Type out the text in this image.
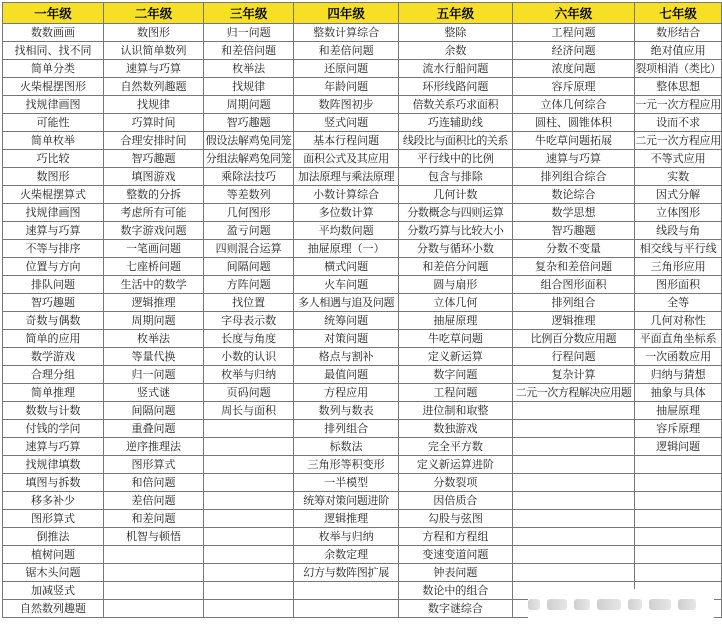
一年级	二年级	三年级	四年级	五年级	六年级	七年级
数数画画	数图形	归一问题	整数计算综合	整除	工程问题	数形结合
找相同、找不同	认识简单数列	和差倍问题	和差倍问题	余数	经济问题	绝对值应用
简单分类	速算与巧算	枚举法	还原问题	流水行船问题	浓度问题	裂项相消（类比）
火柴棍摆图形	自然数列趣题	找规律	年龄问题	环形线路问题	容斥原理	整体思想
找规律画图	找规律	周期问题	数阵图初步	倍数关系巧求面积	立体几何综合	一元一次方程应用
可能性	巧算时间	智巧趣题	竖式问题	巧连辅助线	圆柱、圆锥体积	设而不求
简单枚举	合理安排时间	假设法解鸡兔同笼	基本行程问题	线段比与面积比的关系	牛吃草问题拓展	二元一次方程应用
巧比较	智巧趣题	分组法解鸡兔同笼	面积公式及其应用	平行线中的比例	速算与巧算	不等式应用
数图形	填图游戏	乘除法技巧	加法原理与乘法原理	包含与排除	排列组合综合	实数
火柴棍摆算式	整数的分拆	等差数列	小数计算综合	几何计数	数论综合	因式分解
找规律画图	考虑所有可能	几何图形	多位数计算	分数概念与四则运算	数学思想	立体图形
速算与巧算	数字游戏问题	盈亏问题	平均数问题	分数巧算与比较大小	智巧趣题	线段与角
不等与排序	一笔画问题	四则混合运算	抽屉原理（一）	分数与循环小数	分数不变量	相交线与平行线
位置与方向	七座桥问题	间隔问题	横式问题	和差倍分问题	复杂和差倍问题	三角形应用
排队问题	生活中的数学	方阵问题	火车问题	圆与扇形	组合图形面积	图形面积
智巧趣题	逻辑推理	找位置	多人相遇与追及问题	立体几何	排列组合	全等
奇数与偶数	周期问题	字母表示数	统筹问题	抽屉原理	逻辑推理	几何对称性
简单的应用	枚举法	长度与角度	对策问题	牛吃草问题	比例百分数应用题	平面直角坐标系
数学游戏	等量代换	小数的认识	格点与割补	定义新运算	行程问题	一次函数应用
合理分组	归一问题	枚举与归纳	最值问题	数字问题	复杂计算	归纳与猜想
简单推理	竖式谜	页码问题	方程应用	工程问题	二元一次方程解决应用题	抽象与具体
数数与计数	间隔问题	周长与面积	数列与数表	进位制和取整		抽屉原理
付钱的学问	重叠问题		排列组合	数独游戏		容斥原理
速算与巧算	逆序推理法		标数法	完全平方数		逻辑问题
找规律填数	图形算式		三角形等积变形	定义新运算进阶		
填图与拆数	和倍问题		一半模型	分数裂项		
移多补少	差倍问题		统筹对策问题进阶	因倍质合		
图形算式	和差问题		逻辑推理	勾股与弦图		
倒推法	机智与顿悟		枚举与归纳	方程和方程组		
植树问题			余数定理	变速变道问题		
锯木头问题			幻方与数阵图扩展	钟表问题		
加减竖式				数论中的组合		
自然数列趣题				数字谜综合		
